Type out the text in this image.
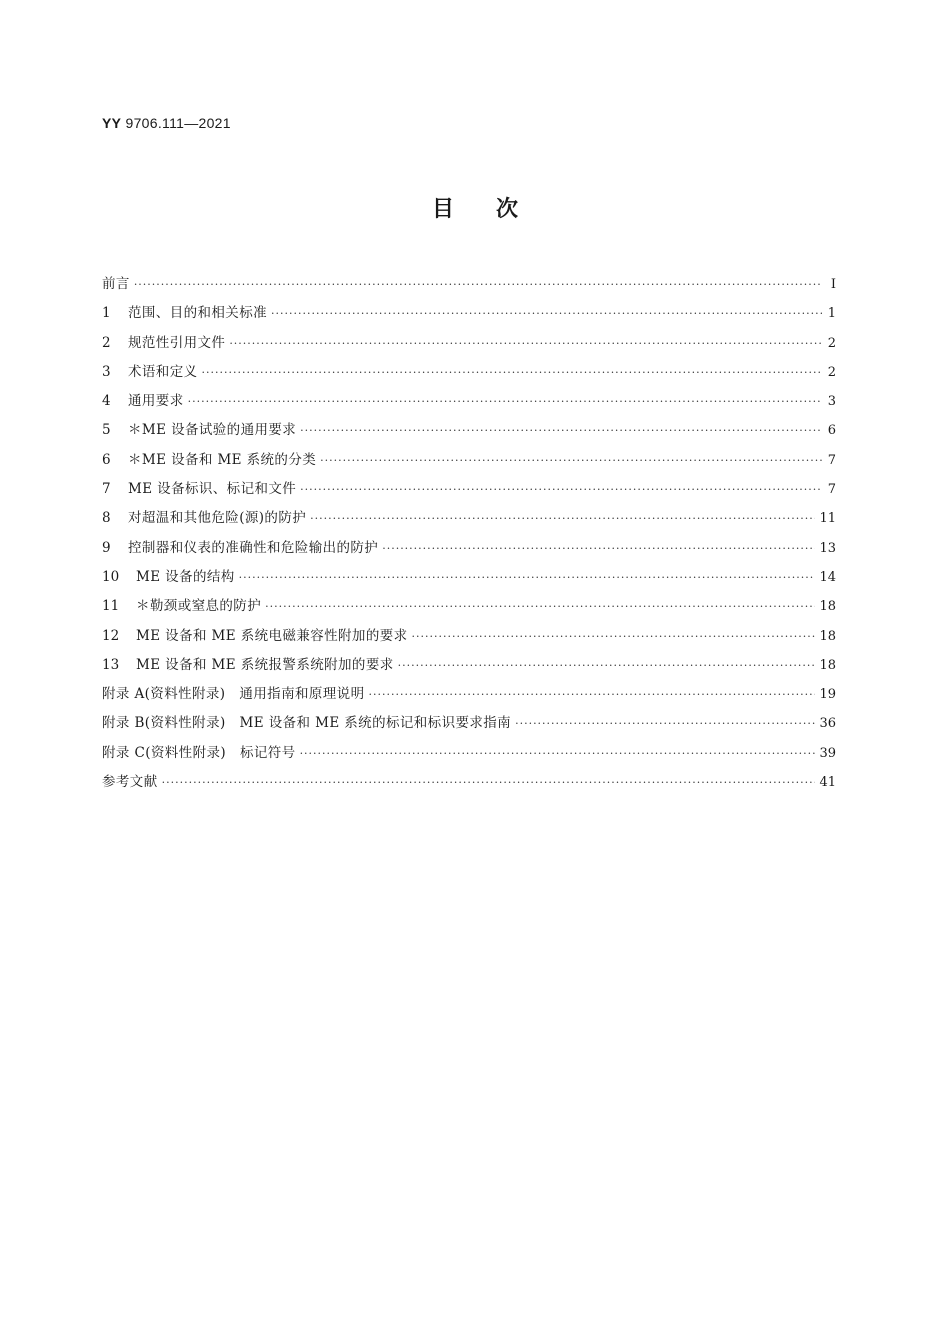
YY 9706.111—2021
目次
前言 ·····	Ⅰ
1	范围、目的和相关标准 ·····	1
2	规范性引用文件 ·····	2
3	术语和定义 ·····	2
4	通用要求 ·····	3
5	＊ME 设备试验的通用要求 ·····	6
6	＊ME 设备和 ME 系统的分类 ·····	7
7	ME 设备标识、标记和文件 ·····	7
8	对超温和其他危险(源)的防护 ·····	11
9	控制器和仪表的准确性和危险输出的防护 ·····	13
10	ME 设备的结构 ·····	14
11	＊勒颈或窒息的防护 ·····	18
12	ME 设备和 ME 系统电磁兼容性附加的要求 ·····	18
13	ME 设备和 ME 系统报警系统附加的要求 ·····	18
附录 A(资料性附录)　通用指南和原理说明 ·····	19
附录 B(资料性附录)　ME 设备和 ME 系统的标记和标识要求指南 ·····	36
附录 C(资料性附录)　标记符号 ·····	39
参考文献 ·····	41
